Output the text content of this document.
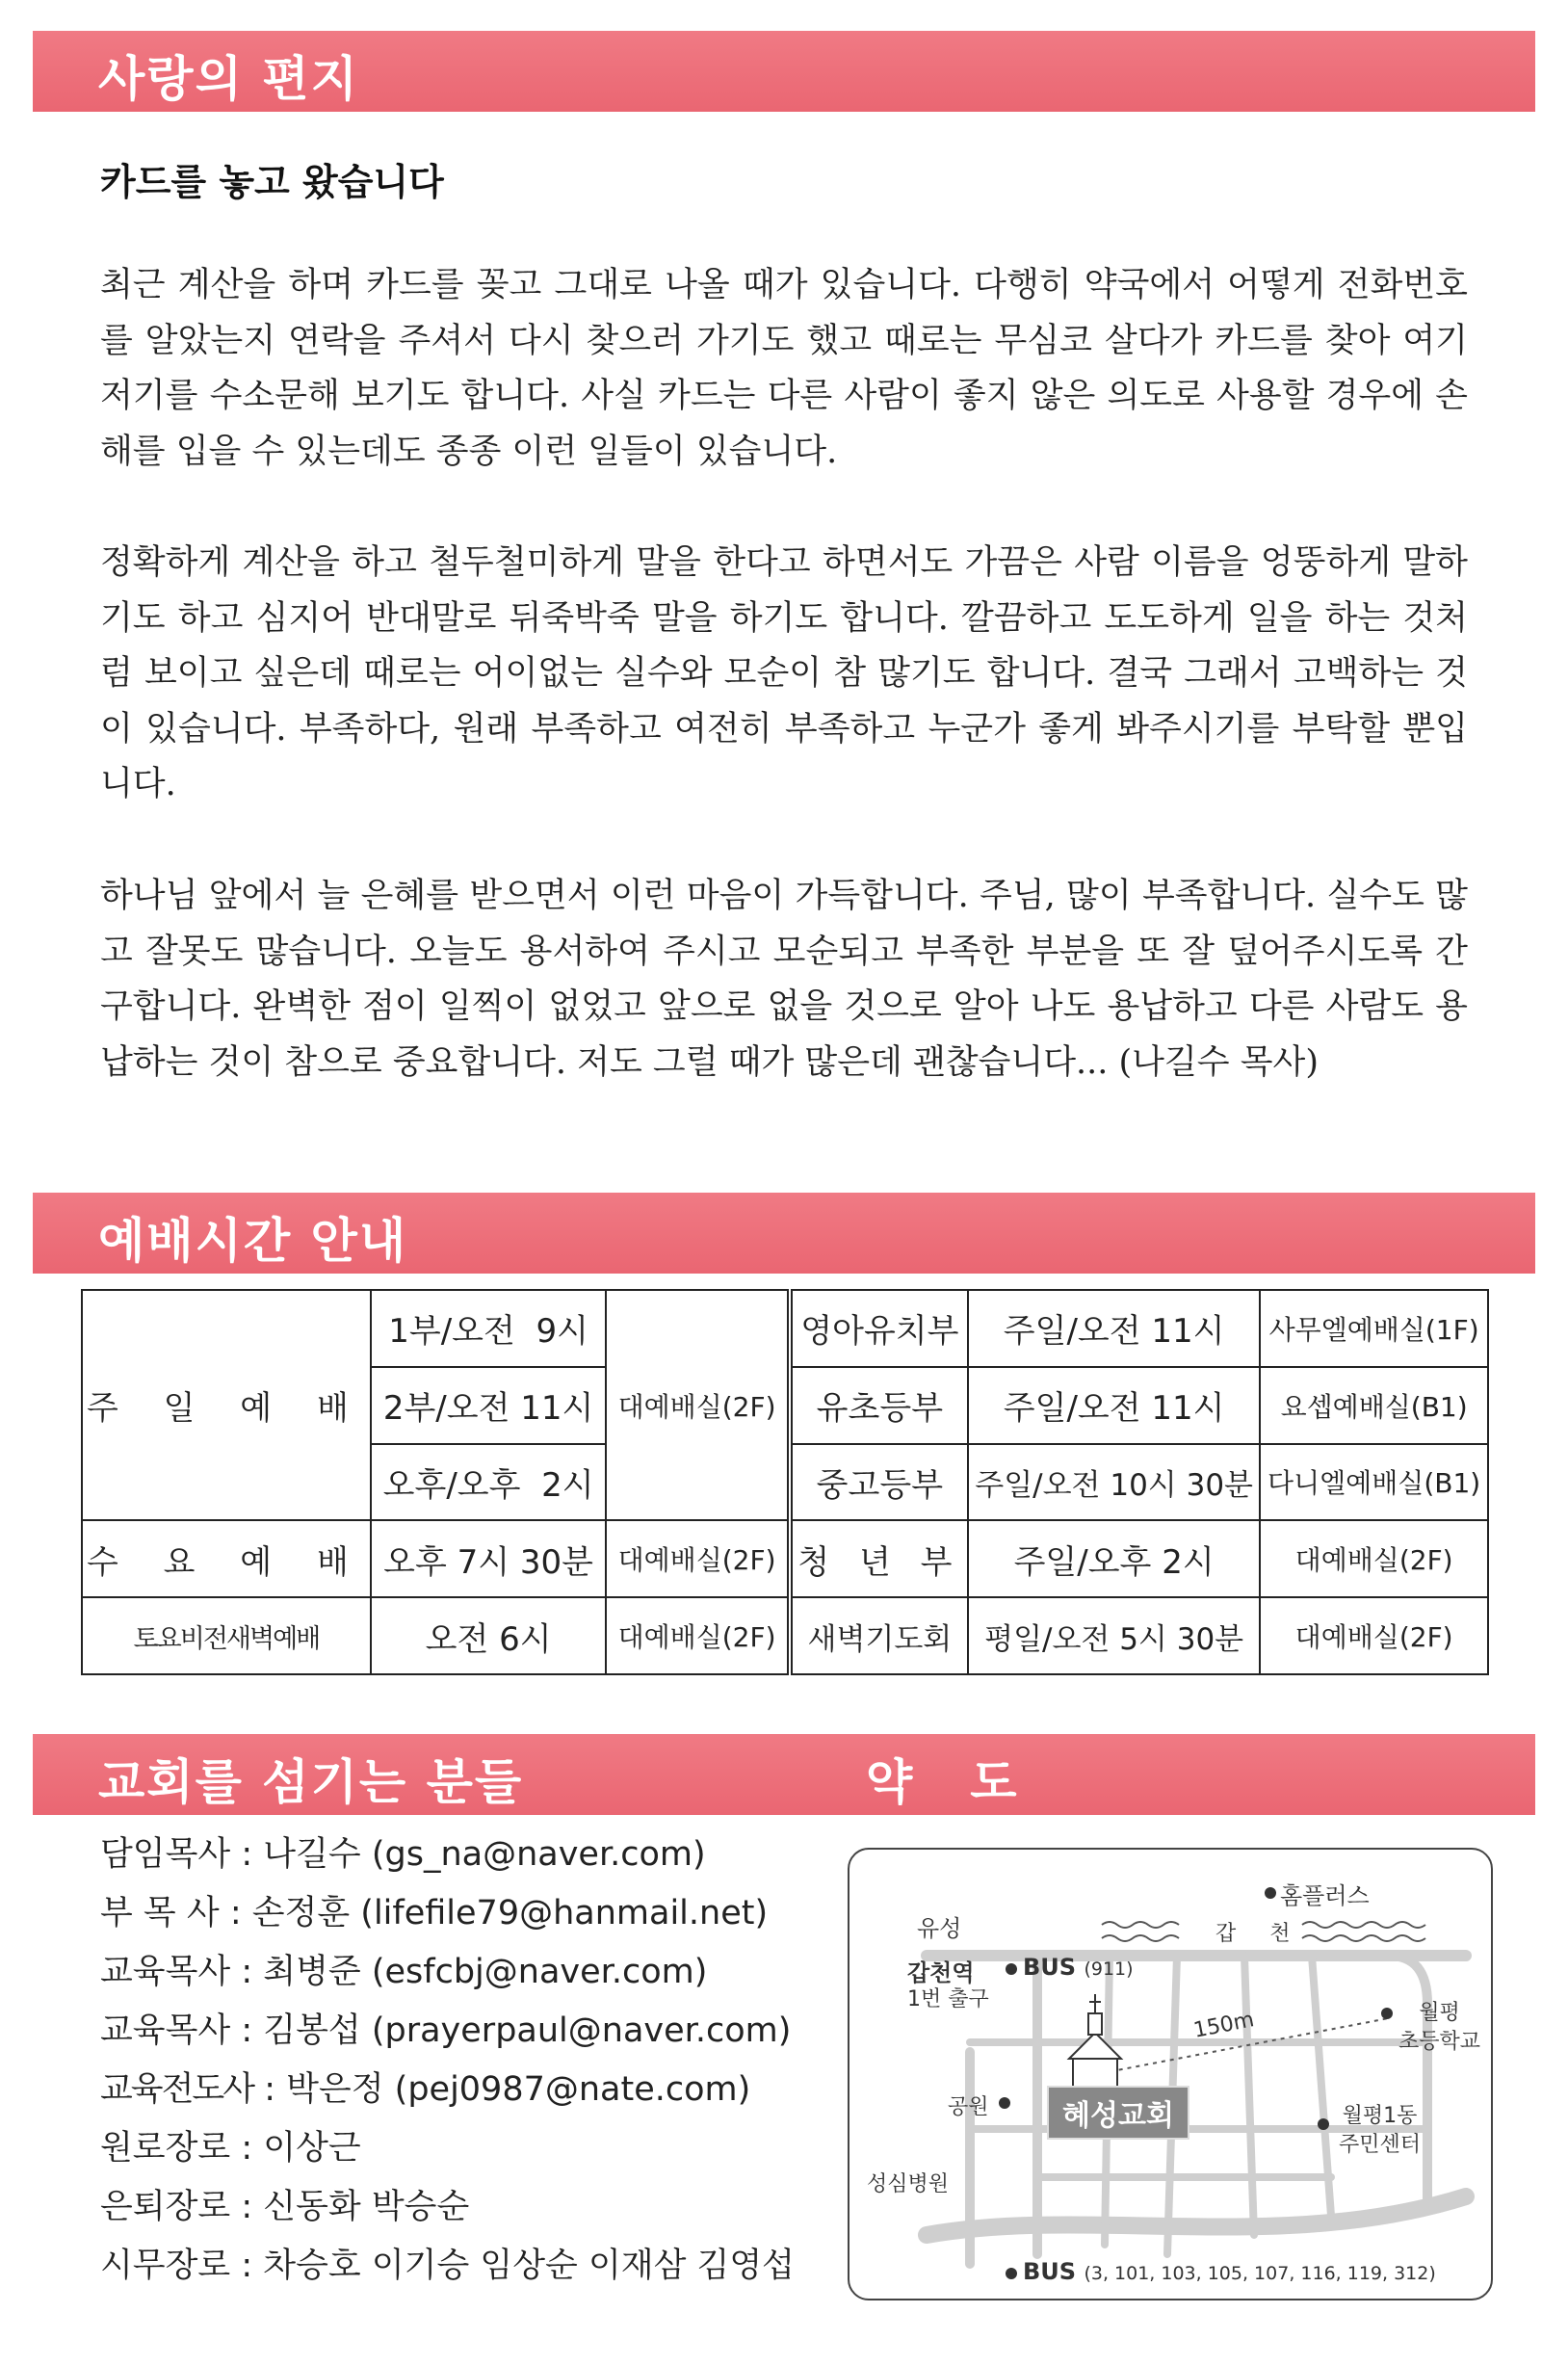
사랑의 편지
카드를 놓고 왔습니다

최근 계산을 하며 카드를 꽂고 그대로 나올 때가 있습니다. 다행히 약국에서 어떻게 전화번호를 알았는지 연락을 주셔서 다시 찾으러 가기도 했고 때로는 무심코 살다가 카드를 찾아 여기저기를 수소문해 보기도 합니다. 사실 카드는 다른 사람이 좋지 않은 의도로 사용할 경우에 손해를 입을 수 있는데도 종종 이런 일들이 있습니다.

정확하게 계산을 하고 철두철미하게 말을 한다고 하면서도 가끔은 사람 이름을 엉뚱하게 말하기도 하고 심지어 반대말로 뒤죽박죽 말을 하기도 합니다. 깔끔하고 도도하게 일을 하는 것처럼 보이고 싶은데 때로는 어이없는 실수와 모순이 참 많기도 합니다. 결국 그래서 고백하는 것이 있습니다. 부족하다, 원래 부족하고 여전히 부족하고 누군가 좋게 봐주시기를 부탁할 뿐입니다.

하나님 앞에서 늘 은혜를 받으면서 이런 마음이 가득합니다. 주님, 많이 부족합니다. 실수도 많고 잘못도 많습니다. 오늘도 용서하여 주시고 모순되고 부족한 부분을 또 잘 덮어주시도록 간구합니다. 완벽한 점이 일찍이 없었고 앞으로 없을 것으로 알아 나도 용납하고 다른 사람도 용납하는 것이 참으로 중요합니다. 저도 그럴 때가 많은데 괜찮습니다... (나길수 목사)

예배시간 안내
주 일 예 배	1부/오전  9시	대예배실(2F)	영아유치부	주일/오전 11시	사무엘예배실(1F)
	2부/오전 11시		유초등부	주일/오전 11시	요셉예배실(B1)
	오후/오후  2시		중고등부	주일/오전 10시 30분	다니엘예배실(B1)
수 요 예 배	오후 7시 30분	대예배실(2F)	청 년 부	주일/오후 2시	대예배실(2F)
토요비전새벽예배	오전 6시	대예배실(2F)	새벽기도회	평일/오전 5시 30분	대예배실(2F)
교회를 섬기는 분들	약도
담임목사 : 나길수 (gs_na@naver.com)
부 목 사 : 손정훈 (lifefile79@hanmail.net)
교육목사 : 최병준 (esfcbj@naver.com)
교육목사 : 김봉섭 (prayerpaul@naver.com)
교육전도사 : 박은정 (pej0987@nate.com)
원로장로 : 이상근
은퇴장로 : 신동화 박승순
시무장로 : 차승호 이기승 임상순 이재삼 김영섭
유성
홈플러스
갑 천
갑천역
1번 출구
BUS (911)
월평
초등학교
150m
공원	혜성교회	월평1동
주민센터
성심병원
BUS (3, 101, 103, 105, 107, 116, 119, 312)
